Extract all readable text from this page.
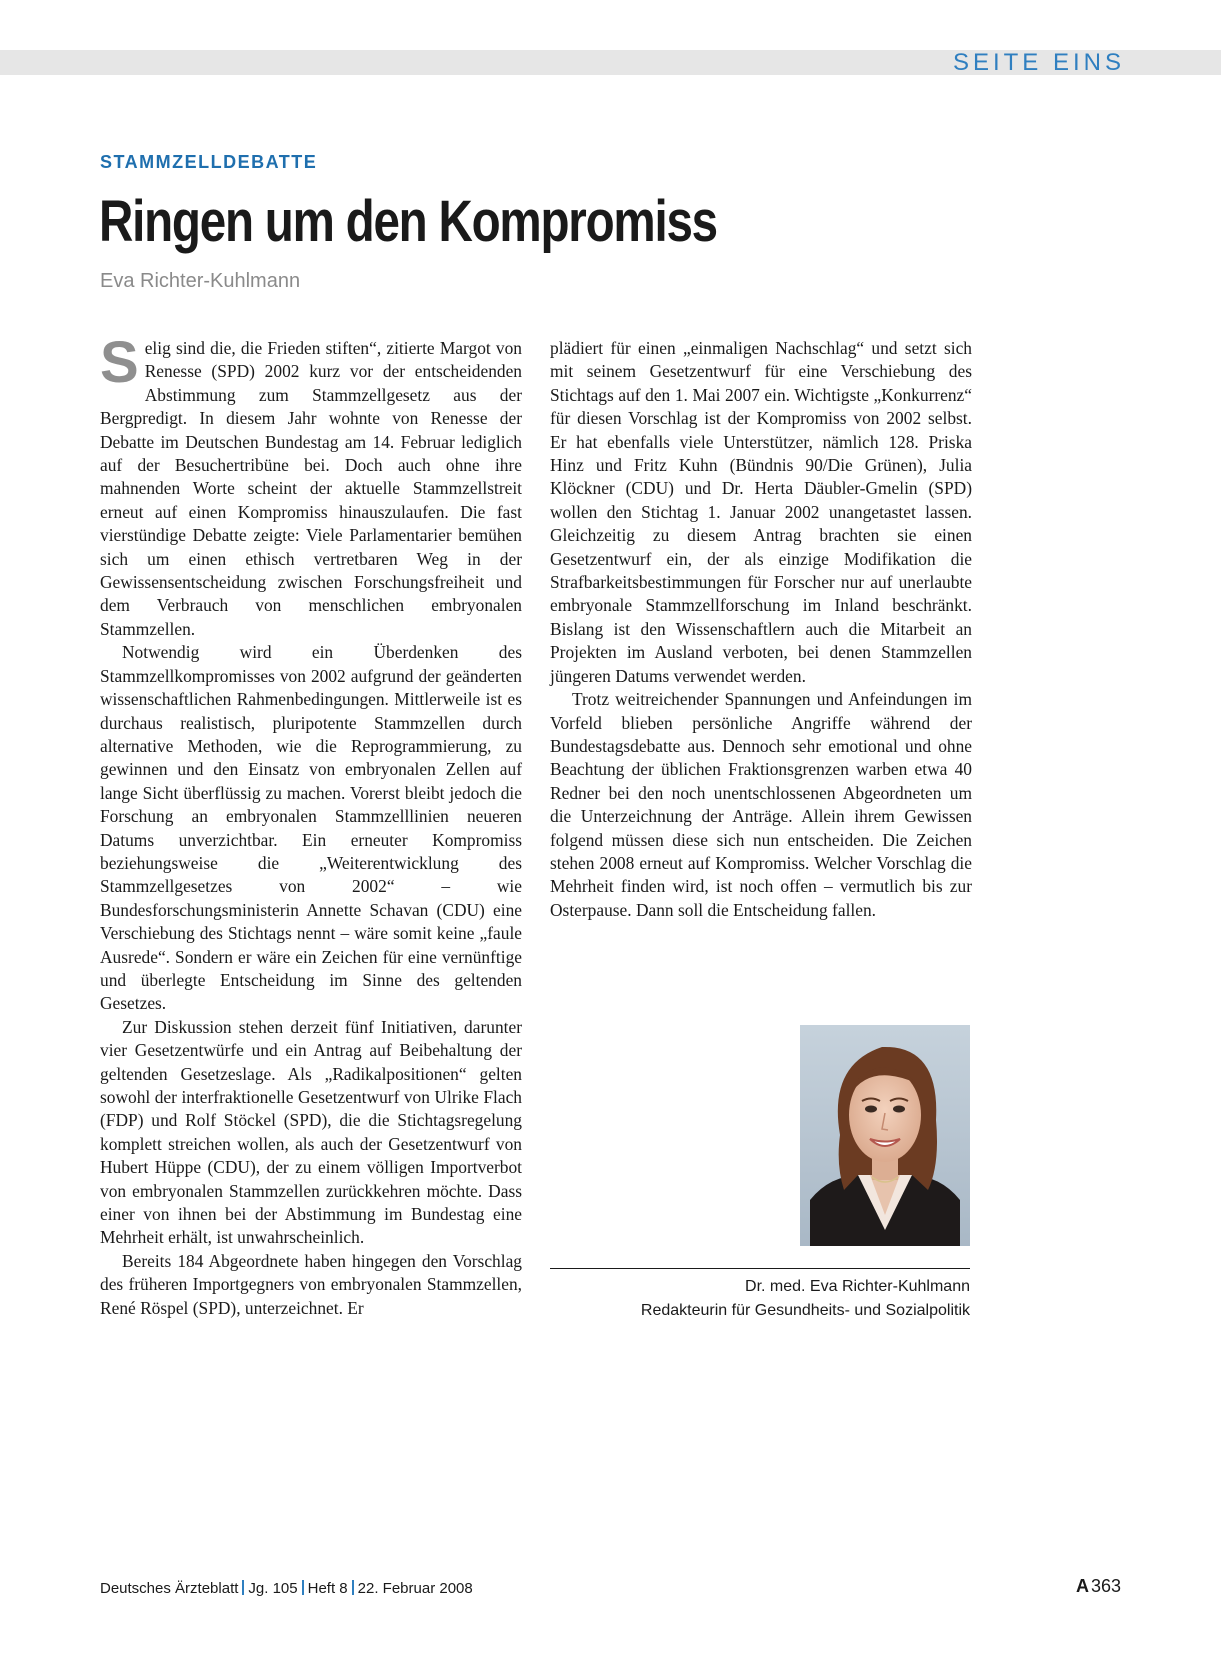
SEITE EINS
STAMMZELLDEBATTE
Ringen um den Kompromiss
Eva Richter-Kuhlmann

Selig sind die, die Frieden stiften“, zitierte Margot von Renesse (SPD) 2002 kurz vor der entscheidenden Abstimmung zum Stammzellgesetz aus der Bergpredigt. In diesem Jahr wohnte von Renesse der Debatte im Deutschen Bundestag am 14. Februar lediglich auf der Besuchertribüne bei. Doch auch ohne ihre mahnenden Worte scheint der aktuelle Stammzellstreit erneut auf einen Kompromiss hinauszulaufen. Die fast vierstündige Debatte zeigte: Viele Parlamentarier bemühen sich um einen ethisch vertretbaren Weg in der Gewissensentscheidung zwischen Forschungsfreiheit und dem Verbrauch von menschlichen embryonalen Stammzellen.

Notwendig wird ein Überdenken des Stammzellkompromisses von 2002 aufgrund der geänderten wissenschaftlichen Rahmenbedingungen. Mittlerweile ist es durchaus realistisch, pluripotente Stammzellen durch alternative Methoden, wie die Reprogrammierung, zu gewinnen und den Einsatz von embryonalen Zellen auf lange Sicht überflüssig zu machen. Vorerst bleibt jedoch die Forschung an embryonalen Stammzelllinien neueren Datums unverzichtbar. Ein erneuter Kompromiss beziehungsweise die „Weiterentwicklung des Stammzellgesetzes von 2002“ – wie Bundesforschungsministerin Annette Schavan (CDU) eine Verschiebung des Stichtags nennt – wäre somit keine „faule Ausrede“. Sondern er wäre ein Zeichen für eine vernünftige und überlegte Entscheidung im Sinne des geltenden Gesetzes.

Zur Diskussion stehen derzeit fünf Initiativen, darunter vier Gesetzentwürfe und ein Antrag auf Beibehaltung der geltenden Gesetzeslage. Als „Radikalpositionen“ gelten sowohl der interfraktionelle Gesetzentwurf von Ulrike Flach (FDP) und Rolf Stöckel (SPD), die die Stichtagsregelung komplett streichen wollen, als auch der Gesetzentwurf von Hubert Hüppe (CDU), der zu einem völligen Importverbot von embryonalen Stammzellen zurückkehren möchte. Dass einer von ihnen bei der Abstimmung im Bundestag eine Mehrheit erhält, ist unwahrscheinlich.

Bereits 184 Abgeordnete haben hingegen den Vorschlag des früheren Importgegners von embryonalen Stammzellen, René Röspel (SPD), unterzeichnet. Er

plädiert für einen „einmaligen Nachschlag“ und setzt sich mit seinem Gesetzentwurf für eine Verschiebung des Stichtags auf den 1. Mai 2007 ein. Wichtigste „Konkurrenz“ für diesen Vorschlag ist der Kompromiss von 2002 selbst. Er hat ebenfalls viele Unterstützer, nämlich 128. Priska Hinz und Fritz Kuhn (Bündnis 90/Die Grünen), Julia Klöckner (CDU) und Dr. Herta Däubler-Gmelin (SPD) wollen den Stichtag 1. Januar 2002 unangetastet lassen. Gleichzeitig zu diesem Antrag brachten sie einen Gesetzentwurf ein, der als einzige Modifikation die Strafbarkeitsbestimmungen für Forscher nur auf unerlaubte embryonale Stammzellforschung im Inland beschränkt. Bislang ist den Wissenschaftlern auch die Mitarbeit an Projekten im Ausland verboten, bei denen Stammzellen jüngeren Datums verwendet werden.

Trotz weitreichender Spannungen und Anfeindungen im Vorfeld blieben persönliche Angriffe während der Bundestagsdebatte aus. Dennoch sehr emotional und ohne Beachtung der üblichen Fraktionsgrenzen warben etwa 40 Redner bei den noch unentschlossenen Abgeordneten um die Unterzeichnung der Anträge. Allein ihrem Gewissen folgend müssen diese sich nun entscheiden. Die Zeichen stehen 2008 erneut auf Kompromiss. Welcher Vorschlag die Mehrheit finden wird, ist noch offen – vermutlich bis zur Osterpause. Dann soll die Entscheidung fallen.

Dr. med. Eva Richter-Kuhlmann
Redakteurin für Gesundheits- und Sozialpolitik
Deutsches Ärzteblatt Jg. 105 Heft 8 22. Februar 2008	A 363
